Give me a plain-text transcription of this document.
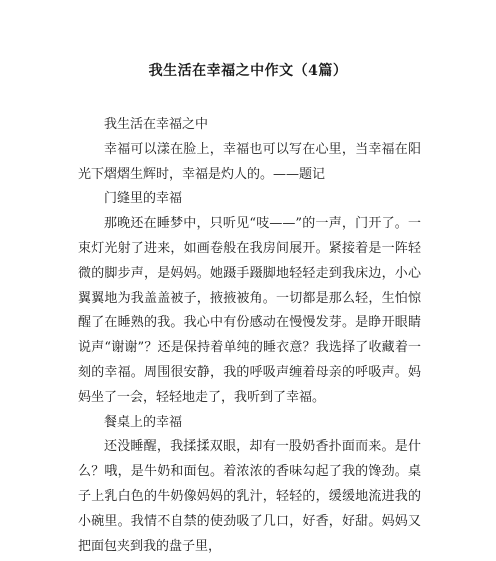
我生活在幸福之中作文（4篇）

我生活在幸福之中

幸福可以漾在脸上，幸福也可以写在心里，当幸福在阳光下熠熠生辉时，幸福是灼人的。——题记

门缝里的幸福

那晚还在睡梦中，只听见“吱——”的一声，门开了。一束灯光射了进来，如画卷般在我房间展开。紧接着是一阵轻微的脚步声，是妈妈。她蹑手蹑脚地轻轻走到我床边，小心翼翼地为我盖盖被子，掖掖被角。一切都是那么轻，生怕惊醒了在睡熟的我。我心中有份感动在慢慢发芽。是睁开眼睛说声“谢谢”？还是保持着单纯的睡衣意？我选择了收藏着一刻的幸福。周围很安静，我的呼吸声缠着母亲的呼吸声。妈妈坐了一会，轻轻地走了，我听到了幸福。

餐桌上的幸福

还没睡醒，我揉揉双眼，却有一股奶香扑面而来。是什么？哦，是牛奶和面包。着浓浓的香味勾起了我的馋劲。桌子上乳白色的牛奶像妈妈的乳汁，轻轻的，缓缓地流进我的小碗里。我情不自禁的使劲吸了几口，好香，好甜。妈妈又把面包夹到我的盘子里，
